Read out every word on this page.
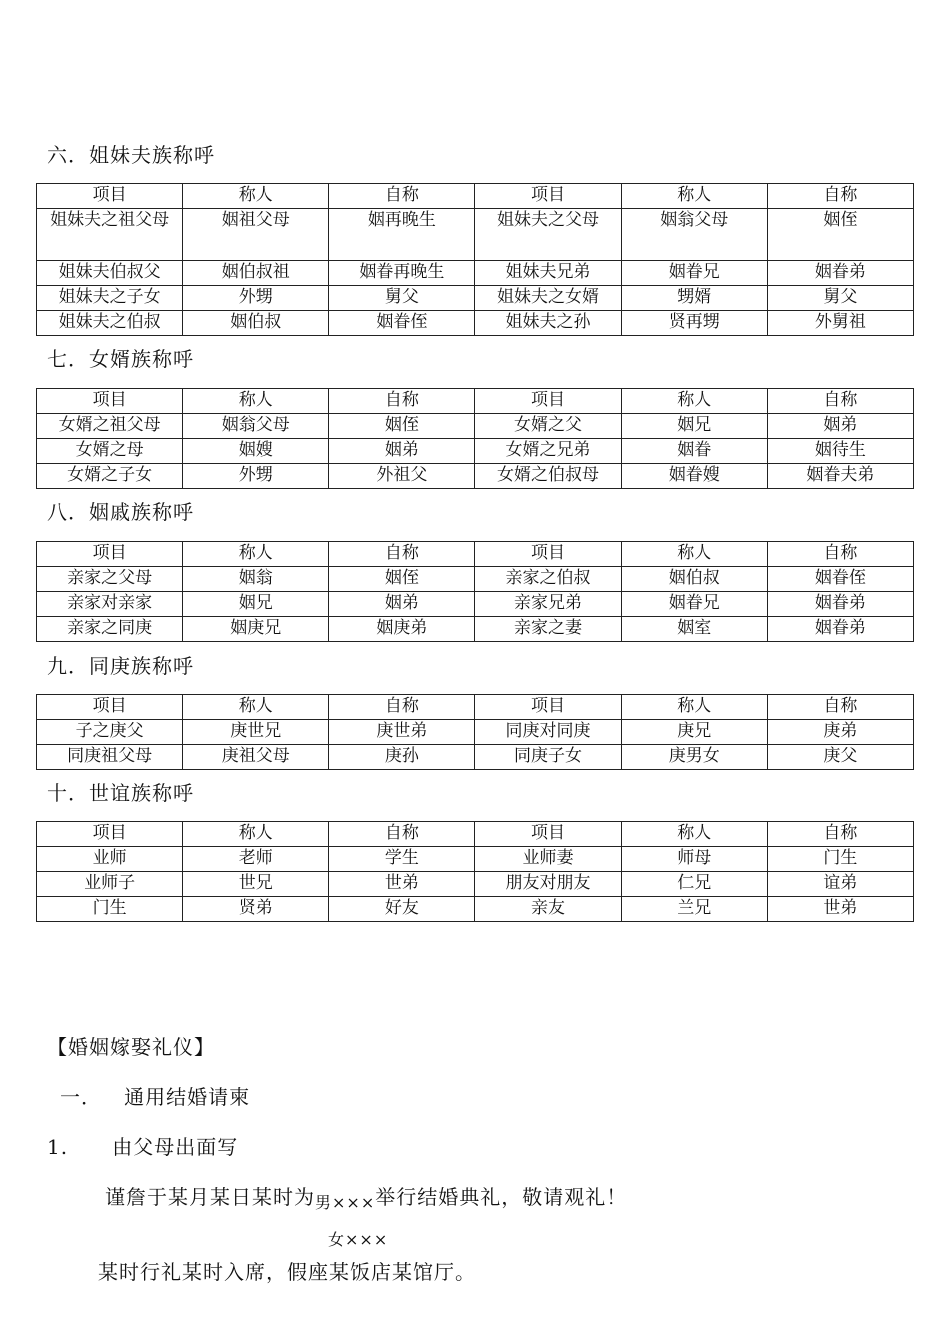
六．姐妹夫族称呼
项目	称人	自称	项目	称人	自称
姐妹夫之祖父母	姻祖父母	姻再晚生	姐妹夫之父母	姻翁父母	姻侄
姐妹夫伯叔父	姻伯叔祖	姻眷再晚生	姐妹夫兄弟	姻眷兄	姻眷弟
姐妹夫之子女	外甥	舅父	姐妹夫之女婿	甥婿	舅父
姐妹夫之伯叔	姻伯叔	姻眷侄	姐妹夫之孙	贤再甥	外舅祖
七．女婿族称呼
项目	称人	自称	项目	称人	自称
女婿之祖父母	姻翁父母	姻侄	女婿之父	姻兄	姻弟
女婿之母	姻嫂	姻弟	女婿之兄弟	姻眷	姻待生
女婿之子女	外甥	外祖父	女婿之伯叔母	姻眷嫂	姻眷夫弟
八．姻戚族称呼
项目	称人	自称	项目	称人	自称
亲家之父母	姻翁	姻侄	亲家之伯叔	姻伯叔	姻眷侄
亲家对亲家	姻兄	姻弟	亲家兄弟	姻眷兄	姻眷弟
亲家之同庚	姻庚兄	姻庚弟	亲家之妻	姻室	姻眷弟
九．同庚族称呼
项目	称人	自称	项目	称人	自称
子之庚父	庚世兄	庚世弟	同庚对同庚	庚兄	庚弟
同庚祖父母	庚祖父母	庚孙	同庚子女	庚男女	庚父
十．世谊族称呼
项目	称人	自称	项目	称人	自称
业师	老师	学生	业师妻	师母	门生
业师子	世兄	世弟	朋友对朋友	仁兄	谊弟
门生	贤弟	好友	亲友	兰兄	世弟
【婚姻嫁娶礼仪】
一．   通用结婚请柬
1.      由父母出面写
谨詹于某月某日某时为$_{男\times\times\times}$举行结婚典礼，敬请观礼！
女×××
某时行礼某时入席，假座某饭店某馆厅。
